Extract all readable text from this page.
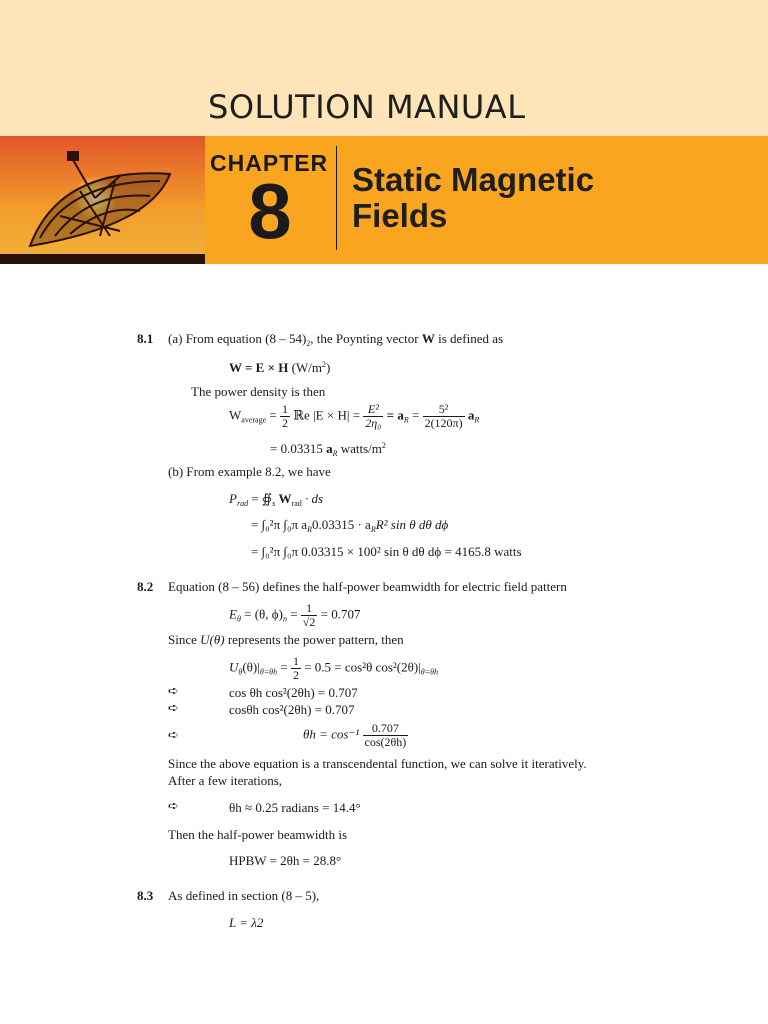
SOLUTION MANUAL
CHAPTER
8 Static Magnetic
Fields
8.1 (a) From equation $(8 - 54)_2$, the Poynting vector W is defined as
W = E × H $(W/m^2)$
The power density is then
$W_{average} = \frac{1}{2}$ ℝe $|E \times H| = \frac{\text{E²}}{\text{2η₀}} = a_R = \frac{\text{5²}}{2(120\pi)} a_R$
= 0.03315 $a_R$ watts/$m^2$
(b) From example 8.2, we have
$P_{rad}$ = $∯_s$ $W_{rad}$ · ds
= ∫₀²π ∫₀π $a_R0.03315 \cdot a_RR^2$ sin θ dθ dϕ
= ∫₀²π ∫₀π 0.03315 × 100² sin θ dθ dϕ = 4165.8 watts
8.2 Equation (8 – 56) defines the half-power beamwidth for electric field pattern
$E_\theta = (\theta$, $\phi)_n = \frac{1}{√2} = 0.707$
Since U(θ) represents the power pattern, then
$U_\theta(\theta)|_{\theta=\theta h} = \frac{1}{2} = 0.5 = \cos^2\theta$ $\cos^2(2\theta)|_{\theta=\theta h}$
➪	cos θh cos²(2θh) = 0.707
➪	cosθh cos²(2θh) = 0.707
➪	$\theta h = \cos^{-1} \frac{0.707}{\cos(2\theta h)}$
Since the above equation is a transcendental function, we can solve it iteratively.
After a few iterations,
➪	θh ≈ 0.25 radians = 14.4°
Then the half-power beamwidth is
HPBW = 2θh = 28.8°
8.3 As defined in section (8 – 5),
L = λ2
